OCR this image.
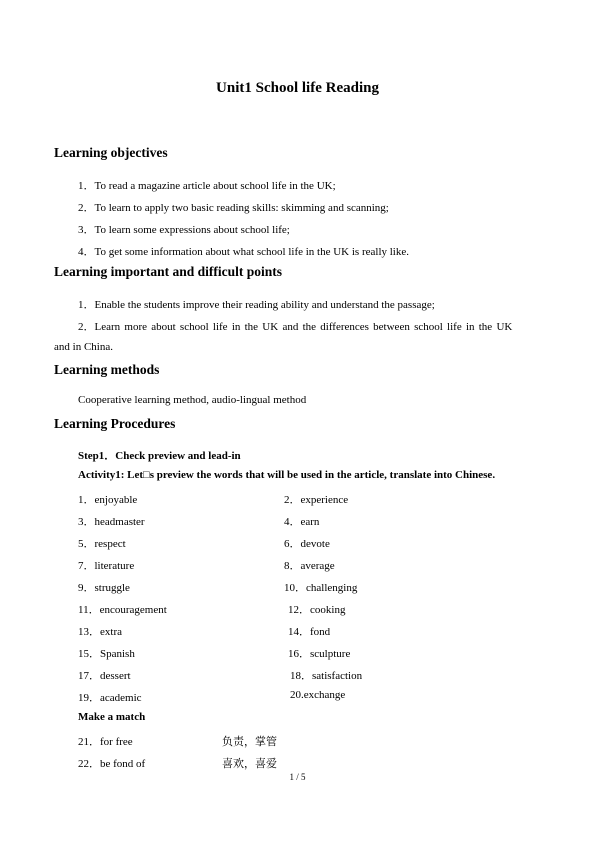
Unit1 School life Reading
Learning objectives
1．To read a magazine article about school life in the UK;
2．To learn to apply two basic reading skills: skimming and scanning;
3．To learn some expressions about school life;
4．To get some information about what school life in the UK is really like.
Learning important and difficult points
1．Enable the students improve their reading ability and understand the passage;
2．Learn more about school life in the UK and the differences between school life in the UK
and in China.
Learning methods
Cooperative learning method, audio-lingual method
Learning Procedures
Step1．Check preview and lead-in
Activity1: Let□s preview the words that will be used in the article, translate into Chinese.
1．enjoyable
3．headmaster
5．respect
7．literature
9．struggle
11．encouragement
13．extra
15．Spanish
17．dessert
19．academic
2．experience
4．earn
6．devote
8．average
10．challenging
12．cooking
14．fond
16．sculpture
18．satisfaction
20.exchange
Make a match
21．for free	负责，掌管
22．be fond of	喜欢，喜爱
1 / 5
